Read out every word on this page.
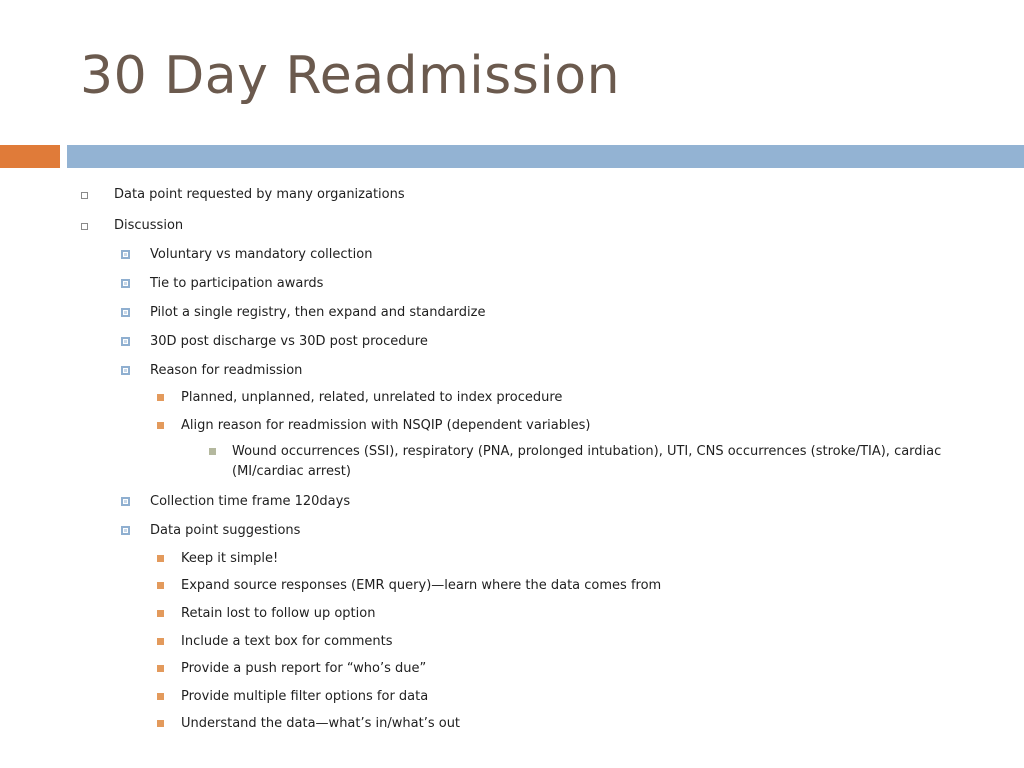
30 Day Readmission
Data point requested by many organizations
Discussion
Voluntary vs mandatory collection
Tie to participation awards
Pilot a single registry, then expand and standardize
30D post discharge vs 30D post procedure
Reason for readmission
Planned, unplanned, related, unrelated to index procedure
Align reason for readmission with NSQIP (dependent variables)
Wound occurrences (SSI), respiratory (PNA, prolonged intubation), UTI, CNS occurrences (stroke/TIA), cardiac (MI/cardiac arrest)
Collection time frame 120days
Data point suggestions
Keep it simple!
Expand source responses (EMR query)—learn where the data comes from
Retain lost to follow up option
Include a text box for comments
Provide a push report for “who’s due”
Provide multiple filter options for data
Understand the data—what’s in/what’s out
